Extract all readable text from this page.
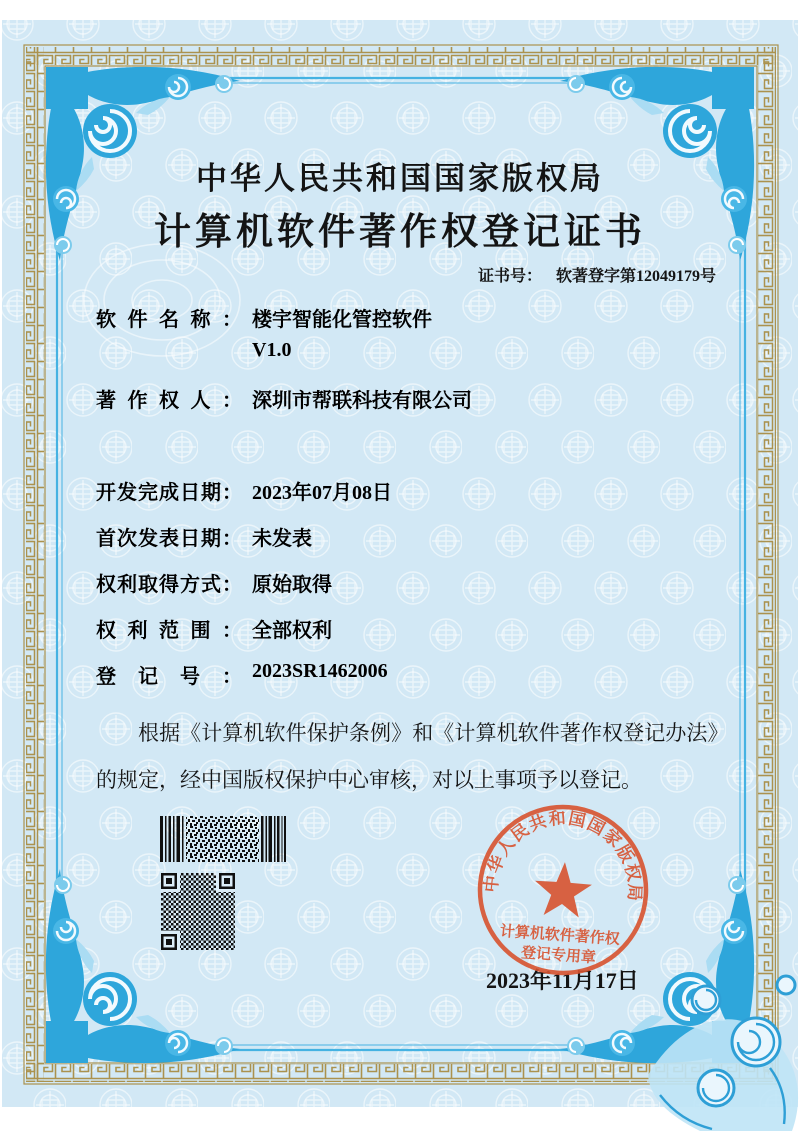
中华人民共和国国家版权局
计算机软件著作权登记证书
证书号： 软著登字第12049179号
软件名称： 楼宇智能化管控软件
V1.0
著作权人： 深圳市帮联科技有限公司
开发完成日期： 2023年07月08日
首次发表日期： 未发表
权利取得方式： 原始取得
权利范围： 全部权利
登记号： 2023SR1462006
根据《计算机软件保护条例》和《计算机软件著作权登记办法》的规定，经中国版权保护中心审核，对以上事项予以登记。
2023年11月17日
中华人民共和国国家版权局
计算机软件著作权
登记专用章
